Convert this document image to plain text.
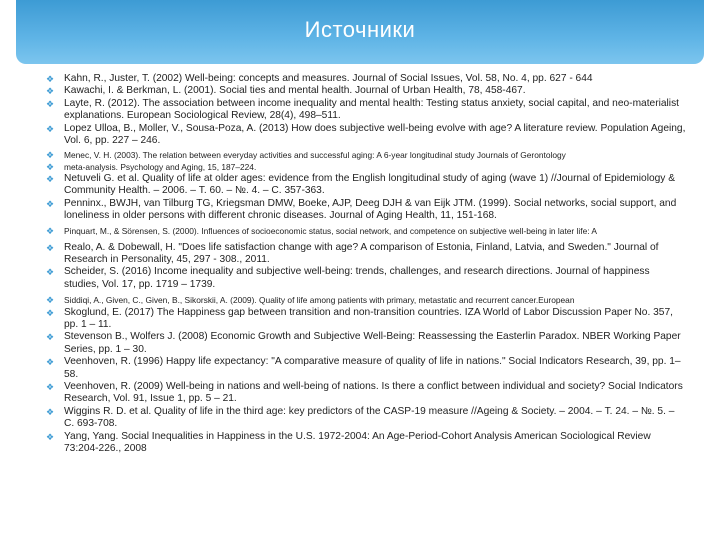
Источники
❖ Kahn, R., Juster, T. (2002) Well-being: concepts and measures. Journal of Social Issues, Vol. 58, No. 4, pp. 627 - 644
❖ Kawachi, I. & Berkman, L. (2001). Social ties and mental health. Journal of Urban Health, 78, 458-467.
❖ Layte, R. (2012). The association between income inequality and mental health: Testing status anxiety, social capital, and neo-materialist explanations. European Sociological Review, 28(4), 498–511.
❖ Lopez Ulloa, B., Moller, V., Sousa-Poza, A. (2013) How does subjective well-being evolve with age? A literature review. Population Ageing, Vol. 6, pp. 227 – 246.
❖ Menec, V. H. (2003). The relation between everyday activities and successful aging: A 6-year longitudinal study Journals of Gerontology
❖ meta-analysis. Psychology and Aging, 15, 187–224.
❖ Netuveli G. et al. Quality of life at older ages: evidence from the English longitudinal study of aging (wave 1) //Journal of Epidemiology & Community Health. – 2006. – Т. 60. – №. 4. – С. 357-363.
❖ Penninx., BWJH, van Tilburg TG, Kriegsman DMW, Boeke, AJP, Deeg DJH & van Eijk JTM. (1999). Social networks, social support, and loneliness in older persons with different chronic diseases. Journal of Aging Health, 11, 151-168.
❖ Pinquart, M., & Sörensen, S. (2000). Influences of socioeconomic status, social network, and competence on subjective well-being in later life: A
❖ Realo, A. & Dobewall, H. "Does life satisfaction change with age? A comparison of Estonia, Finland, Latvia, and Sweden." Journal of Research in Personality, 45, 297 - 308., 2011.
❖ Scheider, S. (2016) Income inequality and subjective well-being: trends, challenges, and research directions. Journal of happiness studies, Vol. 17, pp. 1719 – 1739.
❖ Siddiqi, A., Given, C., Given, B., Sikorskii, A. (2009). Quality of life among patients with primary, metastatic and recurrent cancer.European
❖ Skoglund, E. (2017) The Happiness gap between transition and non-transition countries. IZA World of Labor Discussion Paper No. 357, pp. 1 – 11.
❖ Stevenson B., Wolfers J. (2008) Economic Growth and Subjective Well-Being: Reassessing the Easterlin Paradox. NBER Working Paper Series, pp. 1 – 30.
❖ Veenhoven, R. (1996) Happy life expectancy: "A comparative measure of quality of life in nations." Social Indicators Research, 39, pp. 1–58.
❖ Veenhoven, R. (2009) Well-being in nations and well-being of nations. Is there a conflict between individual and society? Social Indicators Research, Vol. 91, Issue 1, pp. 5 – 21.
❖ Wiggins R. D. et al. Quality of life in the third age: key predictors of the CASP-19 measure //Ageing & Society. – 2004. – Т. 24. – №. 5. – С. 693-708.
❖ Yang, Yang. Social Inequalities in Happiness in the U.S. 1972-2004: An Age-Period-Cohort Analysis American Sociological Review 73:204-226., 2008
